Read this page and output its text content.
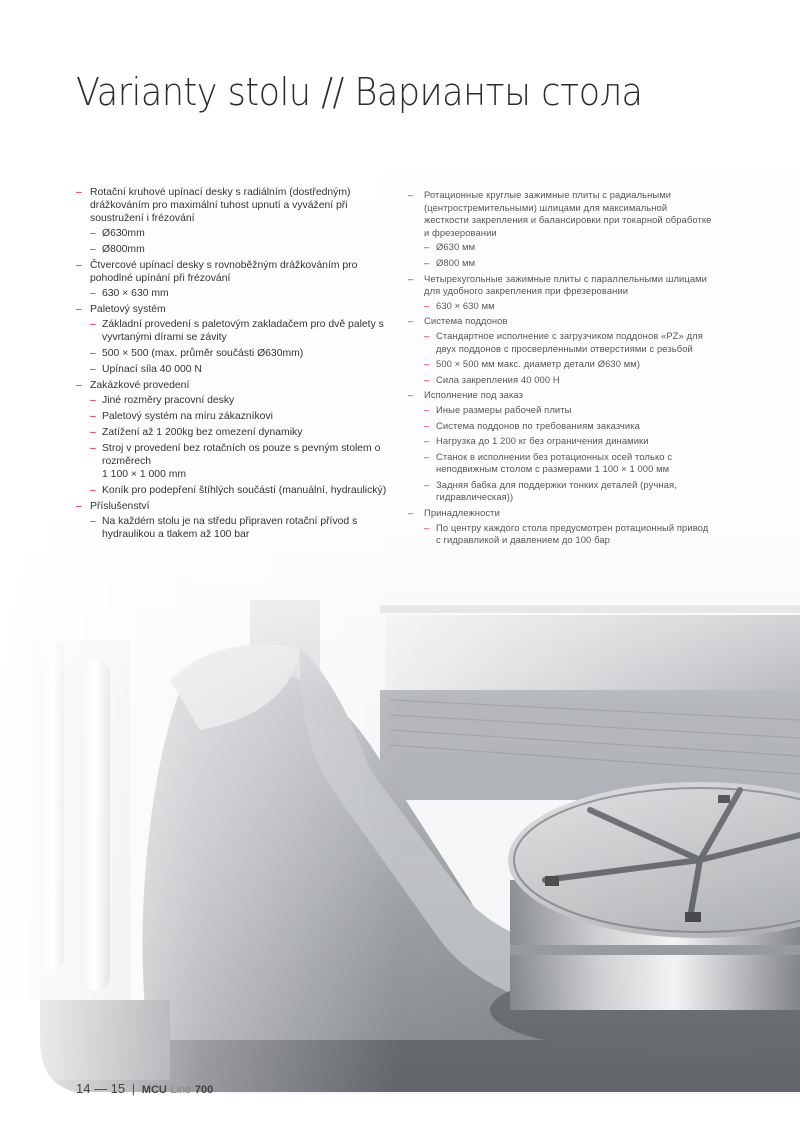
Varianty stolu // Варианты стола
– Rotační kruhové upínací desky s radiálním (dostředným) drážkováním pro maximální tuhost upnutí a vyvážení při soustružení i frézování
– Ø630mm
– Ø800mm
– Čtvercové upínací desky s rovnoběžným drážkováním pro pohodlné upínání při frézování
– 630 × 630 mm
– Paletový systém
– Základní provedení s paletovým zakladačem pro dvě palety s vyvrtanými dírami se závity
– 500 × 500 (max. průměr součásti Ø630mm)
– Upínací síla 40 000 N
– Zakázkové provedení
– Jiné rozměry pracovní desky
– Paletový systém na míru zákazníkovi
– Zatížení až 1 200kg bez omezení dynamiky
– Stroj v provedení bez rotačních os pouze s pevným stolem o rozměrech
1 100 × 1 000 mm
– Koník pro podepření štíhlých součástí (manuální, hydraulický)
– Příslušenství
– Na každém stolu je na středu připraven rotační přívod s hydraulikou a tlakem až 100 bar
– Ротационные круглые зажимные плиты с радиальными (центростремительными) шлицами для максимальной жесткости закрепления и балансировки при токарной обработке и фрезеровании
– Ø630 мм
– Ø800 мм
– Четырехугольные зажимные плиты с параллельными шлицами для удобного закрепления при фрезеровании
– 630 × 630 мм
– Система поддонов
– Стандартное исполнение с загрузчиком поддонов «PZ» для двух поддонов с просверленными отверстиями с резьбой
– 500 × 500 мм макс. диаметр детали Ø630 мм)
– Сила закрепления 40 000 Н
– Исполнение под заказ
– Иные размеры рабочей плиты
– Система поддонов по требованиям заказчика
– Нагрузка до 1 200 кг без ограничения динамики
– Станок в исполнении без ротационных осей только с неподвижным столом с размерами 1 100 × 1 000 мм
– Задняя бабка для поддержки тонких деталей (ручная, гидравлическая))
– Принадлежности
– По центру каждого стола предусмотрен ротационный привод с гидравликой и давлением до 100 бар
14 — 15 | MCU Line 700
